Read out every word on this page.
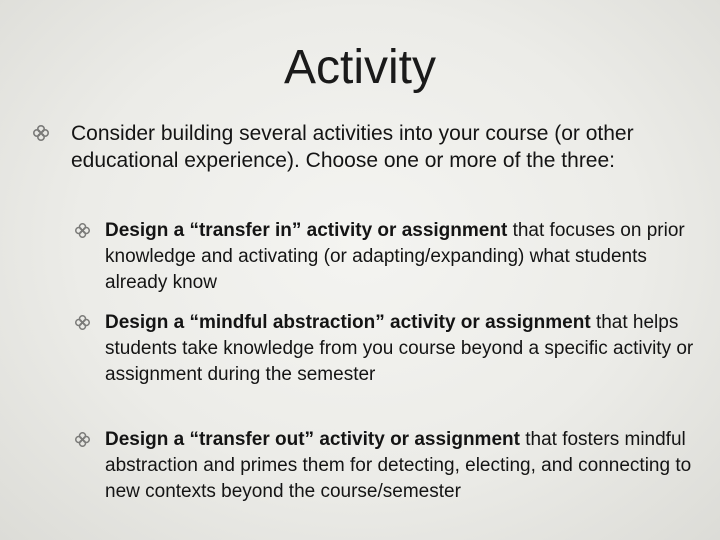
Activity
Consider building several activities into your course (or other educational experience). Choose one or more of the three:
Design a “transfer in” activity or assignment that focuses on prior knowledge and activating (or adapting/expanding) what students already know
Design a “mindful abstraction” activity or assignment that helps students take knowledge from you course beyond a specific activity or assignment during the semester
Design a “transfer out” activity or assignment that fosters mindful abstraction and primes them for detecting, electing, and connecting to new contexts beyond the course/semester
